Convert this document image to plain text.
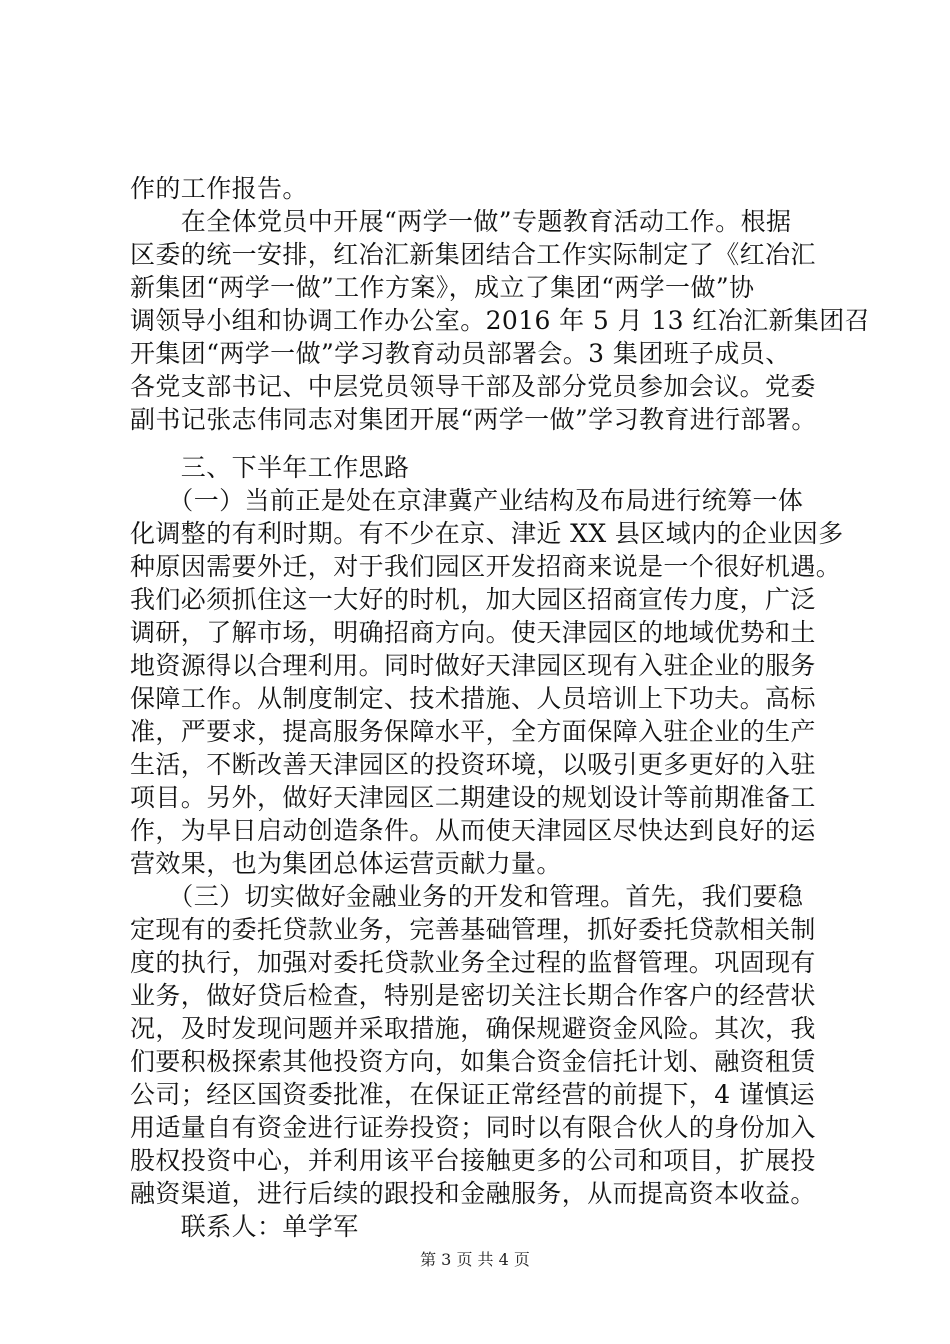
作的工作报告。
　　在全体党员中开展“两学一做”专题教育活动工作。根据
区委的统一安排，红冶汇新集团结合工作实际制定了《红冶汇
新集团“两学一做”工作方案》，成立了集团“两学一做”协
调领导小组和协调工作办公室。2016 年 5 月 13 红冶汇新集团召
开集团“两学一做”学习教育动员部署会。3 集团班子成员、
各党支部书记、中层党员领导干部及部分党员参加会议。党委
副书记张志伟同志对集团开展“两学一做”学习教育进行部署。
　　三、下半年工作思路
　　（一）当前正是处在京津冀产业结构及布局进行统筹一体
化调整的有利时期。有不少在京、津近 XX 县区域内的企业因多
种原因需要外迁，对于我们园区开发招商来说是一个很好机遇。
我们必须抓住这一大好的时机，加大园区招商宣传力度，广泛
调研，了解市场，明确招商方向。使天津园区的地域优势和土
地资源得以合理利用。同时做好天津园区现有入驻企业的服务
保障工作。从制度制定、技术措施、人员培训上下功夫。高标
准，严要求，提高服务保障水平，全方面保障入驻企业的生产
生活，不断改善天津园区的投资环境，以吸引更多更好的入驻
项目。另外，做好天津园区二期建设的规划设计等前期准备工
作，为早日启动创造条件。从而使天津园区尽快达到良好的运
营效果，也为集团总体运营贡献力量。
　　（三）切实做好金融业务的开发和管理。首先，我们要稳
定现有的委托贷款业务，完善基础管理，抓好委托贷款相关制
度的执行，加强对委托贷款业务全过程的监督管理。巩固现有
业务，做好贷后检查，特别是密切关注长期合作客户的经营状
况，及时发现问题并采取措施，确保规避资金风险。其次，我
们要积极探索其他投资方向，如集合资金信托计划、融资租赁
公司；经区国资委批准，在保证正常经营的前提下，4 谨慎运
用适量自有资金进行证券投资；同时以有限合伙人的身份加入
股权投资中心，并利用该平台接触更多的公司和项目，扩展投
融资渠道，进行后续的跟投和金融服务，从而提高资本收益。
　　联系人：单学军
第 3 页 共 4 页
